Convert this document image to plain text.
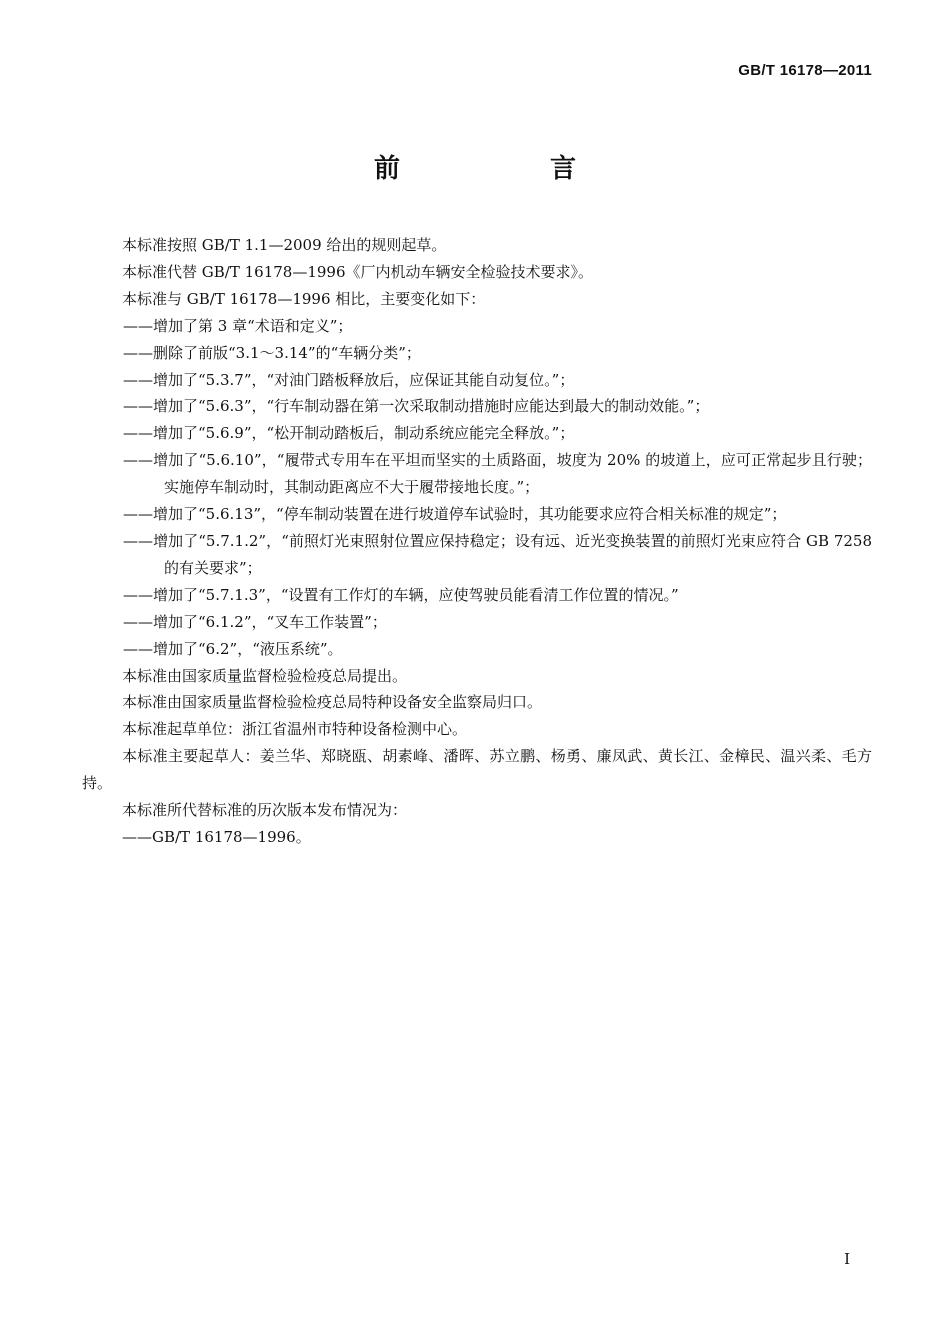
GB/T 16178—2011
前　言

本标准按照 GB/T 1.1—2009 给出的规则起草。

本标准代替 GB/T 16178—1996《厂内机动车辆安全检验技术要求》。

本标准与 GB/T 16178—1996 相比，主要变化如下：

——增加了第 3 章“术语和定义”；

——删除了前版“3.1～3.14”的“车辆分类”；

——增加了“5.3.7”，“对油门踏板释放后，应保证其能自动复位。”；

——增加了“5.6.3”，“行车制动器在第一次采取制动措施时应能达到最大的制动效能。”；

——增加了“5.6.9”，“松开制动踏板后，制动系统应能完全释放。”；

——增加了“5.6.10”，“履带式专用车在平坦而坚实的土质路面，坡度为 20% 的坡道上，应可正常起步且行驶；实施停车制动时，其制动距离应不大于履带接地长度。”；

——增加了“5.6.13”，“停车制动装置在进行坡道停车试验时，其功能要求应符合相关标准的规定”；

——增加了“5.7.1.2”，“前照灯光束照射位置应保持稳定；设有远、近光变换装置的前照灯光束应符合 GB 7258 的有关要求”；

——增加了“5.7.1.3”，“设置有工作灯的车辆，应使驾驶员能看清工作位置的情况。”

——增加了“6.1.2”，“叉车工作装置”；

——增加了“6.2”，“液压系统”。

本标准由国家质量监督检验检疫总局提出。

本标准由国家质量监督检验检疫总局特种设备安全监察局归口。

本标准起草单位：浙江省温州市特种设备检测中心。

本标准主要起草人：姜兰华、郑晓瓯、胡素峰、潘晖、苏立鹏、杨勇、廉凤武、黄长江、金樟民、温兴柔、毛方持。

本标准所代替标准的历次版本发布情况为：

——GB/T 16178—1996。

I
